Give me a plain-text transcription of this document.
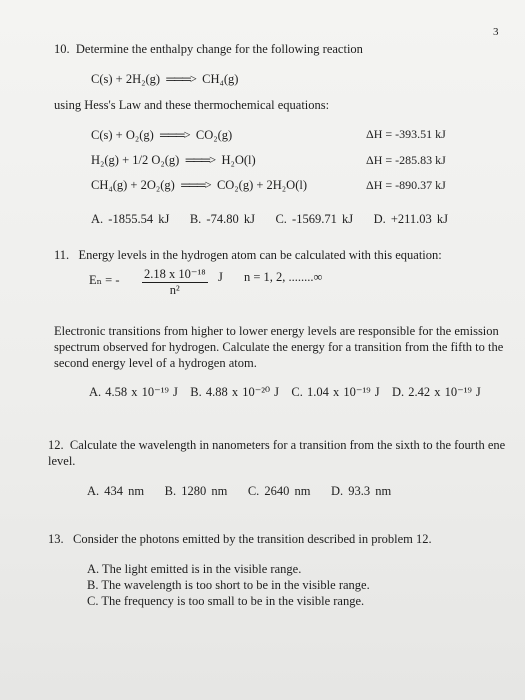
3
10. Determine the enthalpy change for the following reaction
C(s) + 2H₂(g) ═══> CH₄(g)
using Hess's Law and these thermochemical equations:
C(s) + O₂(g) ═══> CO₂(g)	ΔH = -393.51 kJ
H₂(g) + 1/2 O₂(g) ═══> H₂O(l)	ΔH = -285.83 kJ
CH₄(g) + 2O₂(g) ═══> CO₂(g) + 2H₂O(l)	ΔH = -890.37 kJ
A. -1855.54 kJ B. -74.80 kJ C. -1569.71 kJ D. +211.03 kJ
11. Energy levels in the hydrogen atom can be calculated with this equation:
Eₙ = - $\frac{\text{2.18 x 10⁻¹⁸}}{\text{n²}}$ J n = 1, 2, ........∞
Electronic transitions from higher to lower energy levels are responsible for the emission
spectrum observed for hydrogen. Calculate the energy for a transition from the fifth to the
second energy level of a hydrogen atom.
A. 4.58 x 10⁻¹⁹ J B. 4.88 x 10⁻²⁰ J C. 1.04 x 10⁻¹⁹ J D. 2.42 x 10⁻¹⁹ J
12. Calculate the wavelength in nanometers for a transition from the sixth to the fourth ene
level.
A. 434 nm B. 1280 nm C. 2640 nm D. 93.3 nm
13. Consider the photons emitted by the transition described in problem 12.
A. The light emitted is in the visible range.
B. The wavelength is too short to be in the visible range.
C. The frequency is too small to be in the visible range.
